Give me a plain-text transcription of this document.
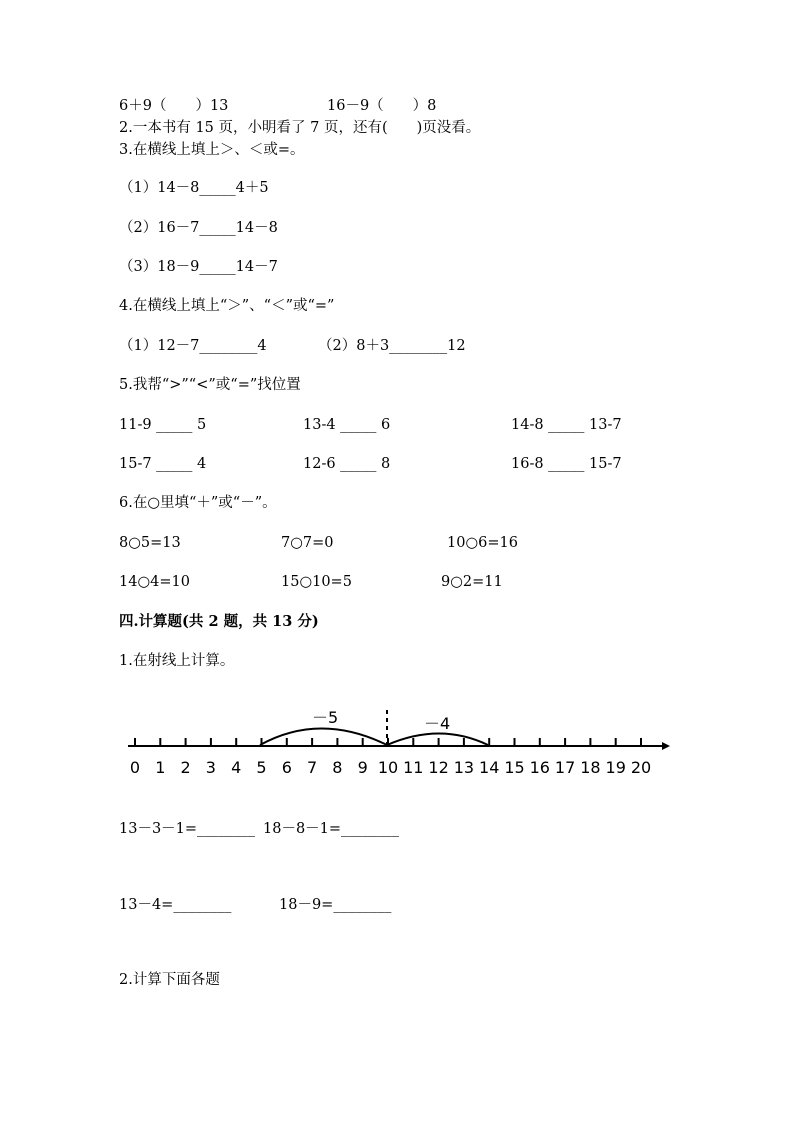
6＋9（　　）13	16－9（　　）8
2.一本书有 15 页，小明看了 7 页，还有(　　)页没看。
3.在横线上填上＞、＜或=。
（1）14－8_____4＋5
（2）16－7_____14－8
（3）18－9_____14－7
4.在横线上填上“＞”、“＜”或“=”
（1）12－7________4	（2）8＋3________12
5.我帮“>”“<”或“=”找位置
11-9 _____ 5	13-4 _____ 6	14-8 _____ 13-7
15-7 _____ 4	12-6 _____ 8	16-8 _____ 15-7
6.在○里填“＋”或“－”。
8○5=13	7○7=0	10○6=16
14○4=10	15○10=5	9○2=11
四.计算题(共 2 题，共 13 分)
1.在射线上计算。
0 1 2 3 4 5 6 7 8 9 10 11 12 13 14 15 16 17 18 19 20
－5	－4
13－3－1=________ 18－8－1=________
13－4=________	18－9=________
2.计算下面各题
